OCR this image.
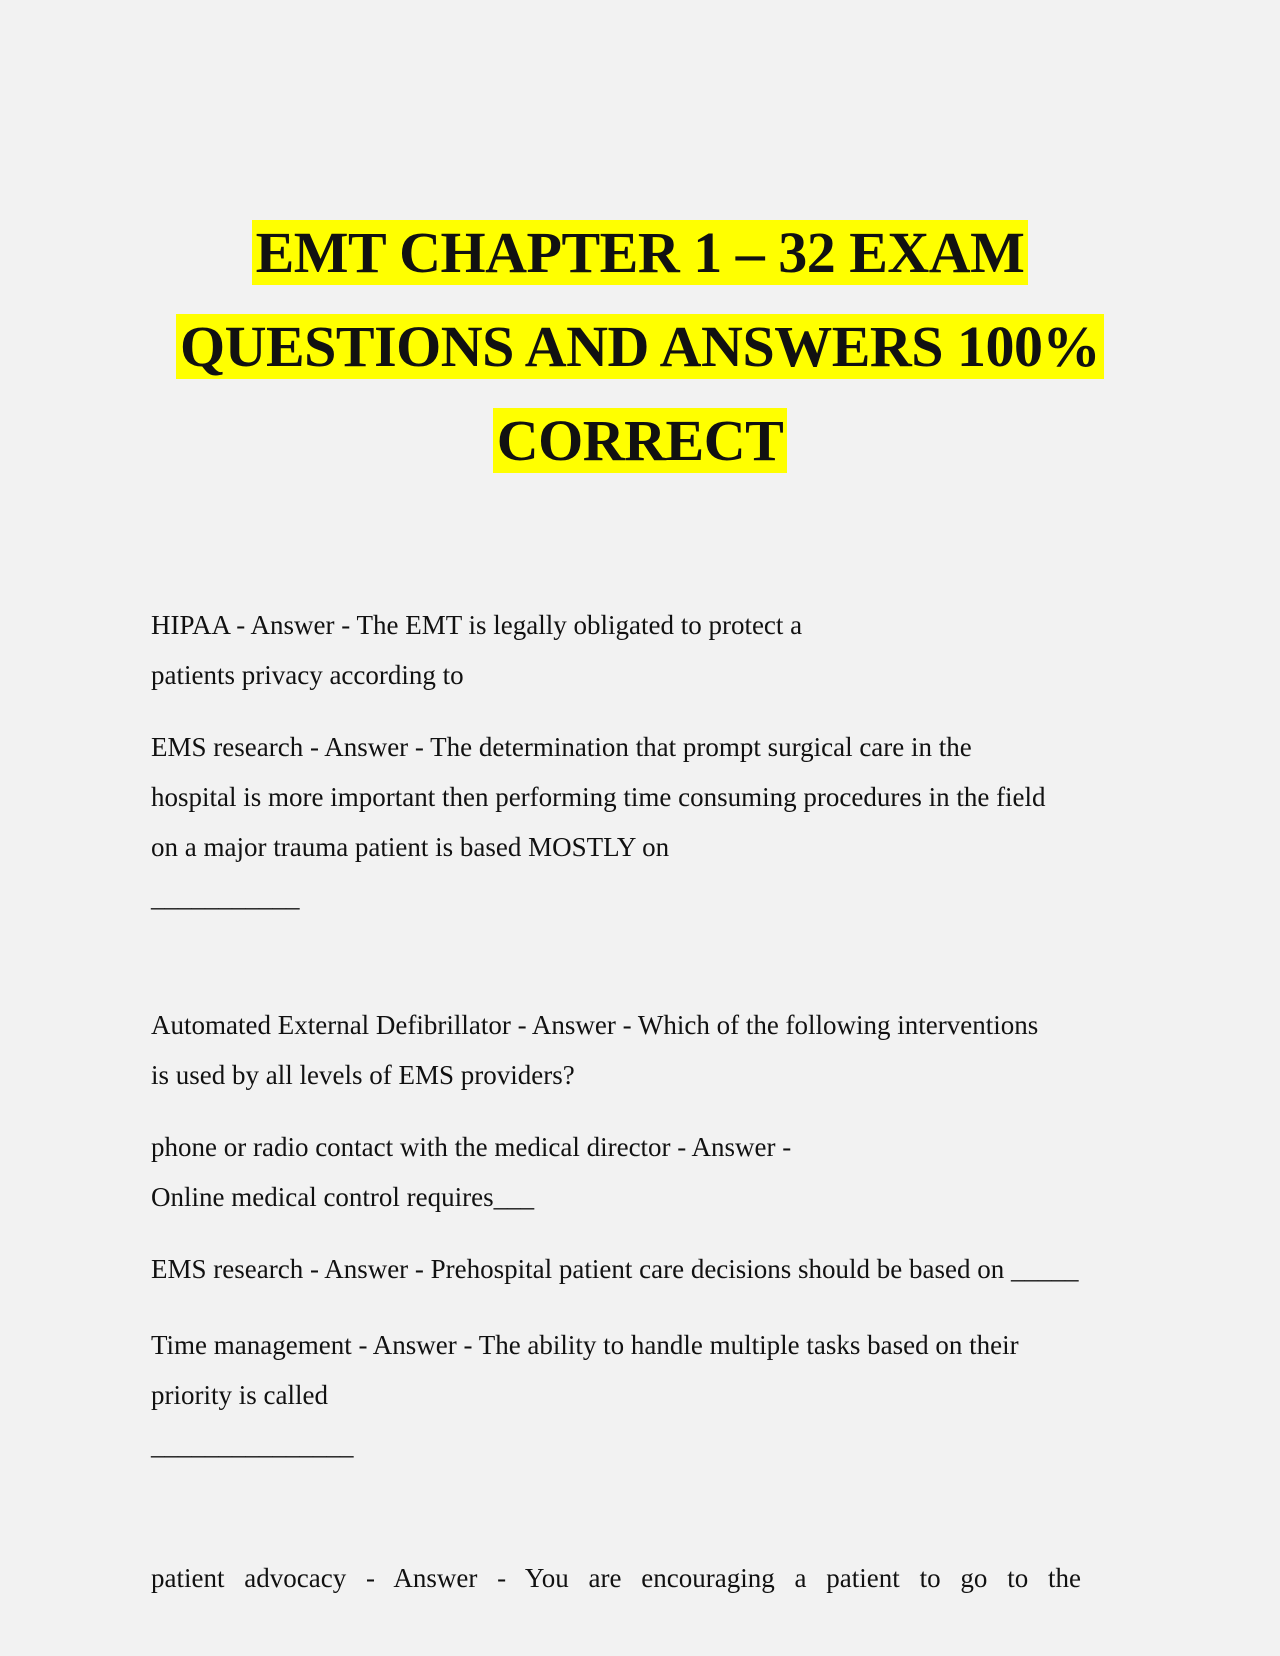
EMT CHAPTER 1 – 32 EXAM
QUESTIONS AND ANSWERS 100%
CORRECT
HIPAA - Answer - The EMT is legally obligated to protect a
patients privacy according to
EMS research - Answer - The determination that prompt surgical care in the
hospital is more important then performing time consuming procedures in the field
on a major trauma patient is based MOSTLY on
___________
Automated External Defibrillator - Answer - Which of the following interventions
is used by all levels of EMS providers?
phone or radio contact with the medical director - Answer -
Online medical control requires___
EMS research - Answer - Prehospital patient care decisions should be based on _____
Time management - Answer - The ability to handle multiple tasks based on their
priority is called
_______________
patient advocacy - Answer - You are encouraging a patient to go to the
